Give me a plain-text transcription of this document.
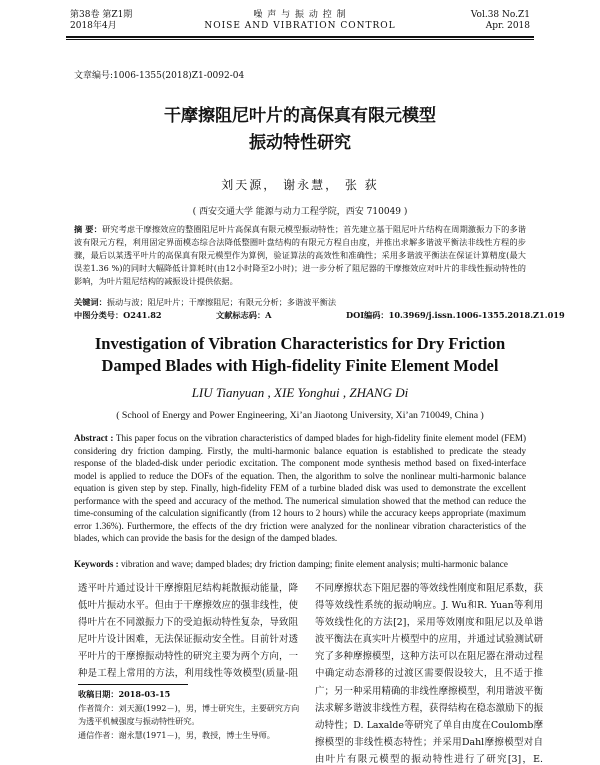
第38卷 第Z1期
2018年4月
噪 声 与 振 动 控 制
NOISE AND VIBRATION CONTROL
Vol.38 No.Z1
Apr. 2018
文章编号:1006-1355(2018)Z1-0092-04
干摩擦阻尼叶片的高保真有限元模型
振动特性研究
刘天源， 谢永慧， 张 荻
( 西安交通大学 能源与动力工程学院，西安 710049 )
摘 要：研究考虑干摩擦效应的整圈阻尼叶片高保真有限元模型振动特性；首先建立基于阻尼叶片结构在周期激振力下的多谐波有限元方程，利用固定界面模态综合法降低整圈叶盘结构的有限元方程自由度，并推出求解多谐波平衡法非线性方程的步骤，最后以某透平叶片的高保真有限元模型作为算例，验证算法的高效性和准确性；采用多谐波平衡法在保证计算精度(最大误差1.36 %)的同时大幅降低计算耗时(由12小时降至2小时)；进一步分析了阻尼器的干摩擦效应对叶片的非线性振动特性的影响，为叶片阻尼结构的减振设计提供依据。
关键词：振动与波；阻尼叶片；干摩擦阻尼；有限元分析；多谐波平衡法
中图分类号：O241.82	文献标志码：A	DOI编码：10.3969/j.issn.1006-1355.2018.Z1.019
Investigation of Vibration Characteristics for Dry Friction
Damped Blades with High-fidelity Finite Element Model
LIU Tianyuan , XIE Yonghui , ZHANG Di
( School of Energy and Power Engineering, Xi’an Jiaotong University, Xi’an 710049, China )
Abstract : This paper focus on the vibration characteristics of damped blades for high-fidelity finite element model (FEM) considering dry friction damping. Firstly, the multi-harmonic balance equation is established to predicate the steady response of the bladed-disk under periodic excitation. The component mode synthesis method based on fixed-interface model is applied to reduce the DOFs of the equation. Then, the algorithm to solve the nonlinear multi-harmonic balance equation is given step by step. Finally, high-fidelity FEM of a turbine bladed disk was used to demonstrate the excellent performance with the speed and accuracy of the method. The numerical simulation showed that the method can reduce the time-consuming of the calculation significantly (from 12 hours to 2 hours) while the accuracy keeps appropriate (maximum error 1.36%). Furthermore, the effects of the dry friction were analyzed for the nonlinear vibration characteristics of the blades, which can provide the basis for the design of the damped blades.
Keywords : vibration and wave; damped blades; dry friction damping; finite element analysis; multi-harmonic balance
透平叶片通过设计干摩擦阻尼结构耗散振动能量，降低叶片振动水平。但由于干摩擦效应的强非线性，使得叶片在不同激振力下的受迫振动特性复杂，导致阻尼叶片设计困难，无法保证振动安全性。目前针对透平叶片的干摩擦振动特性的研究主要为两个方向，一种是工程上常用的方法，利用线性等效模型(质量-阻
不同摩擦状态下阻尼器的等效线性刚度和阻尼系数，获得等效线性系统的振动响应。J. Wu和R. Yuan等利用等效线性化的方法[2]，采用等效刚度和阻尼以及单谐波平衡法在真实叶片模型中的应用，并通过试验测试研究了多种摩擦模型，这种方法可以在阻尼器在滑动过程中确定动态滑移的过渡区需要假设较大，且不适于推广；另一种采用精确的非线性摩擦模型，利用谐波平衡法求解多谐波非线性方程，获得结构在稳态激励下的振动特性；D. Laxalde等研究了单自由度在Coulomb摩擦模型的非线性模态特性；并采用Dahl摩擦模型对自由叶片有限元模型的振动特性进行了研究[3]，E.
收稿日期：2018-03-15
作者简介：刘天源(1992－)，男，博士研究生，主要研究方向为透平机械强度与振动特性研究。
通信作者：谢永慧(1971－)，男，教授，博士生导师。
